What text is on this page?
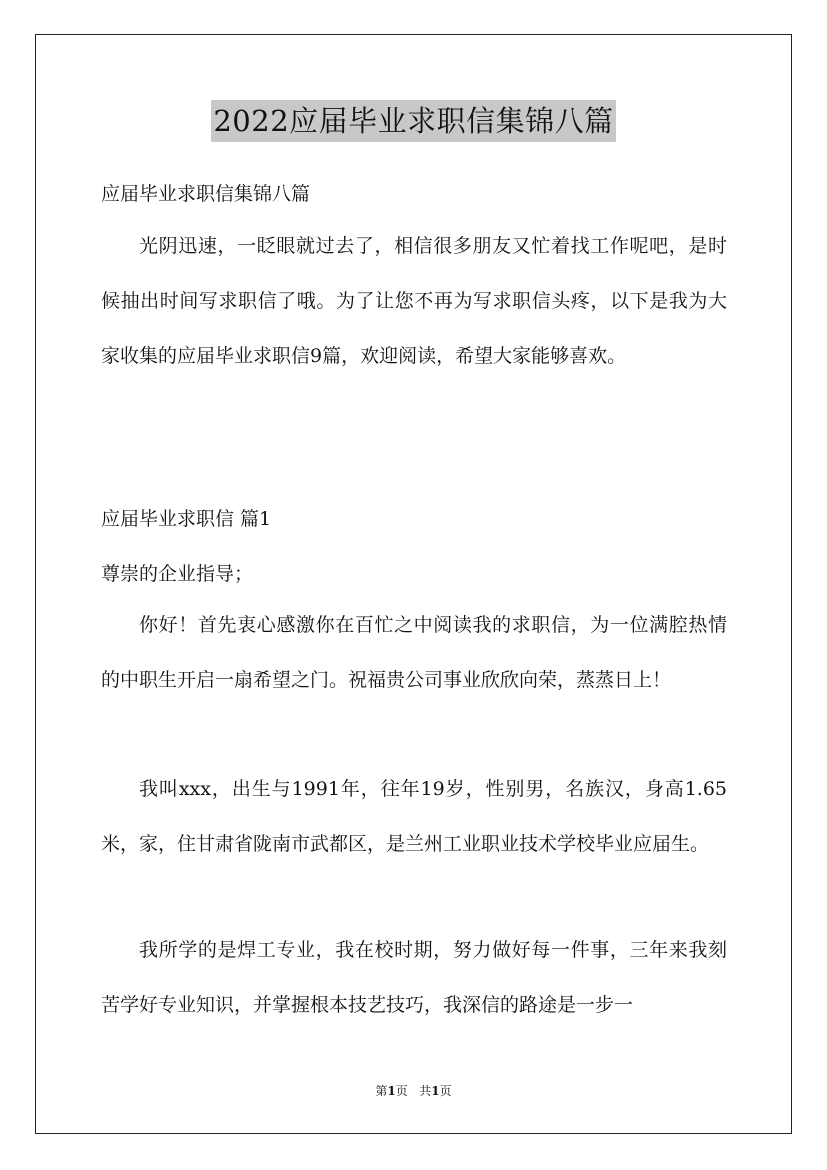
2022应届毕业求职信集锦八篇
应届毕业求职信集锦八篇

光阴迅速，一眨眼就过去了，相信很多朋友又忙着找工作呢吧，是时候抽出时间写求职信了哦。为了让您不再为写求职信头疼，以下是我为大家收集的应届毕业求职信9篇，欢迎阅读，希望大家能够喜欢。

应届毕业求职信 篇1
尊崇的企业指导；

你好！首先衷心感激你在百忙之中阅读我的求职信，为一位满腔热情的中职生开启一扇希望之门。祝福贵公司事业欣欣向荣，蒸蒸日上！

我叫xxx，出生与1991年，往年19岁，性别男，名族汉，身高1.65米，家，住甘肃省陇南市武都区，是兰州工业职业技术学校毕业应届生。

我所学的是焊工专业，我在校时期，努力做好每一件事，三年来我刻苦学好专业知识，并掌握根本技艺技巧，我深信的路途是一步一

第1页 共1页
